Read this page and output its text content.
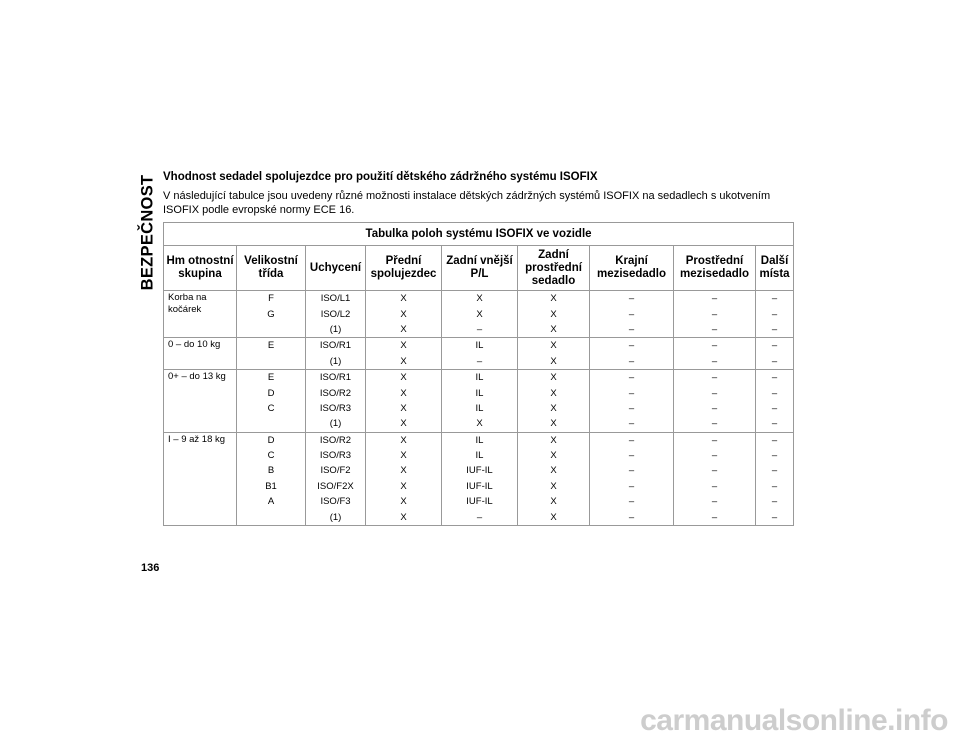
BEZPEČNOST Vhodnost sedadel spolujezdce pro použití dětského zádržného systému ISOFIX
V následující tabulce jsou uvedeny různé možnosti instalace dětských zádržných systémů ISOFIX na sedadlech s ukotvením ISOFIX podle evropské normy ECE 16.
Tabulka poloh systému ISOFIX ve vozidle								
Hm otnostní skupina	Velikostní třída	Uchycení	Přední spolujezdec	Zadní vnější P/L	Zadní prostřední sedadlo	Krajní mezisedadlo	Prostřední mezisedadlo	Další místa
Korba na kočárek	F	ISO/L1	X	X	X	–	–	–
	G	ISO/L2	X	X	X	–	–	–
		(1)	X	–	X	–	–	–
0 – do 10 kg	E	ISO/R1	X	IL	X	–	–	–
		(1)	X	–	X	–	–	–
0+ – do 13 kg	E	ISO/R1	X	IL	X	–	–	–
	D	ISO/R2	X	IL	X	–	–	–
	C	ISO/R3	X	IL	X	–	–	–
		(1)	X	X	X	–	–	–
I – 9 až 18 kg	D	ISO/R2	X	IL	X	–	–	–
	C	ISO/R3	X	IL	X	–	–	–
	B	ISO/F2	X	IUF-IL	X	–	–	–
	B1	ISO/F2X	X	IUF-IL	X	–	–	–
	A	ISO/F3	X	IUF-IL	X	–	–	–
		(1)	X	–	X	–	–	–
136
carmanualsonline.info
